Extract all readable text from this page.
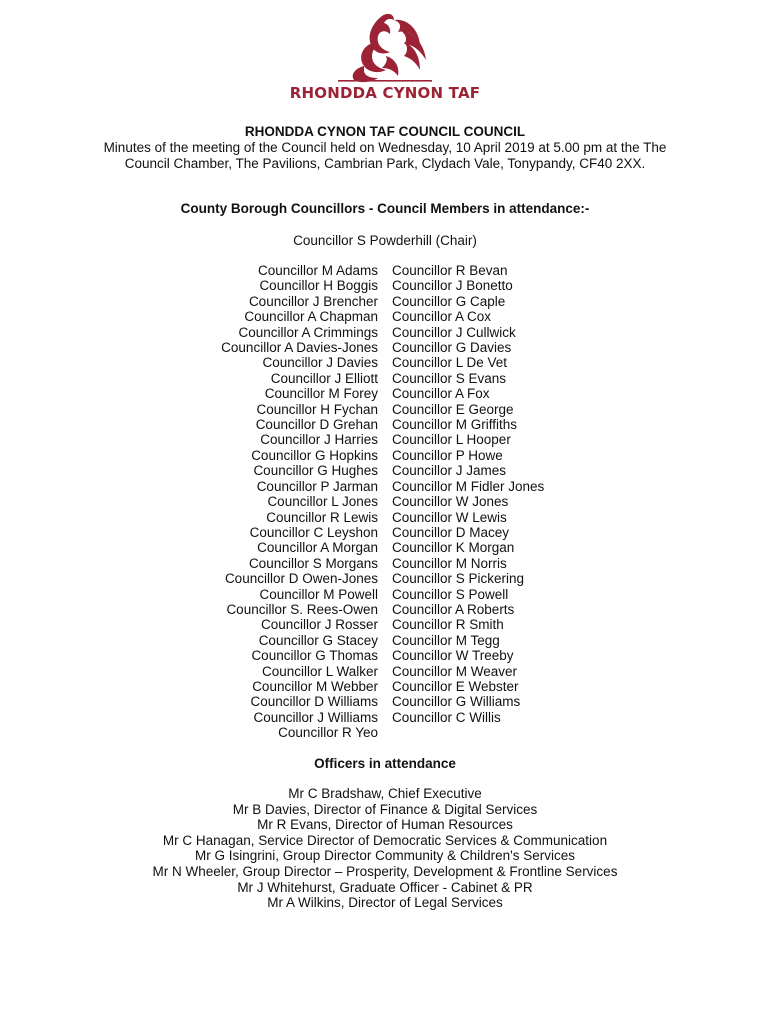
RHONDDA CYNON TAF
RHONDDA CYNON TAF COUNCIL COUNCIL
Minutes of the meeting of the Council held on Wednesday, 10 April 2019 at 5.00 pm at the The
Council Chamber, The Pavilions, Cambrian Park, Clydach Vale, Tonypandy, CF40 2XX.
County Borough Councillors - Council Members in attendance:-
Councillor S Powderhill (Chair)
Councillor M Adams
Councillor H Boggis
Councillor J Brencher
Councillor A Chapman
Councillor A Crimmings
Councillor A Davies-Jones
Councillor J Davies
Councillor J Elliott
Councillor M Forey
Councillor H Fychan
Councillor D Grehan
Councillor J Harries
Councillor G Hopkins
Councillor G Hughes
Councillor P Jarman
Councillor L Jones
Councillor R Lewis
Councillor C Leyshon
Councillor A Morgan
Councillor S Morgans
Councillor D Owen-Jones
Councillor M Powell
Councillor S. Rees-Owen
Councillor J Rosser
Councillor G Stacey
Councillor G Thomas
Councillor L Walker
Councillor M Webber
Councillor D Williams
Councillor J Williams
Councillor R Yeo
Councillor R Bevan
Councillor J Bonetto
Councillor G Caple
Councillor A Cox
Councillor J Cullwick
Councillor G Davies
Councillor L De Vet
Councillor S Evans
Councillor A Fox
Councillor E George
Councillor M Griffiths
Councillor L Hooper
Councillor P Howe
Councillor J James
Councillor M Fidler Jones
Councillor W Jones
Councillor W Lewis
Councillor D Macey
Councillor K Morgan
Councillor M Norris
Councillor S Pickering
Councillor S Powell
Councillor A Roberts
Councillor R Smith
Councillor M Tegg
Councillor W Treeby
Councillor M Weaver
Councillor E Webster
Councillor G Williams
Councillor C Willis
Officers in attendance
Mr C Bradshaw, Chief Executive
Mr B Davies, Director of Finance & Digital Services
Mr R Evans, Director of Human Resources
Mr C Hanagan, Service Director of Democratic Services & Communication
Mr G Isingrini, Group Director Community & Children's Services
Mr N Wheeler, Group Director – Prosperity, Development & Frontline Services
Mr J Whitehurst, Graduate Officer - Cabinet & PR
Mr A Wilkins, Director of Legal Services
